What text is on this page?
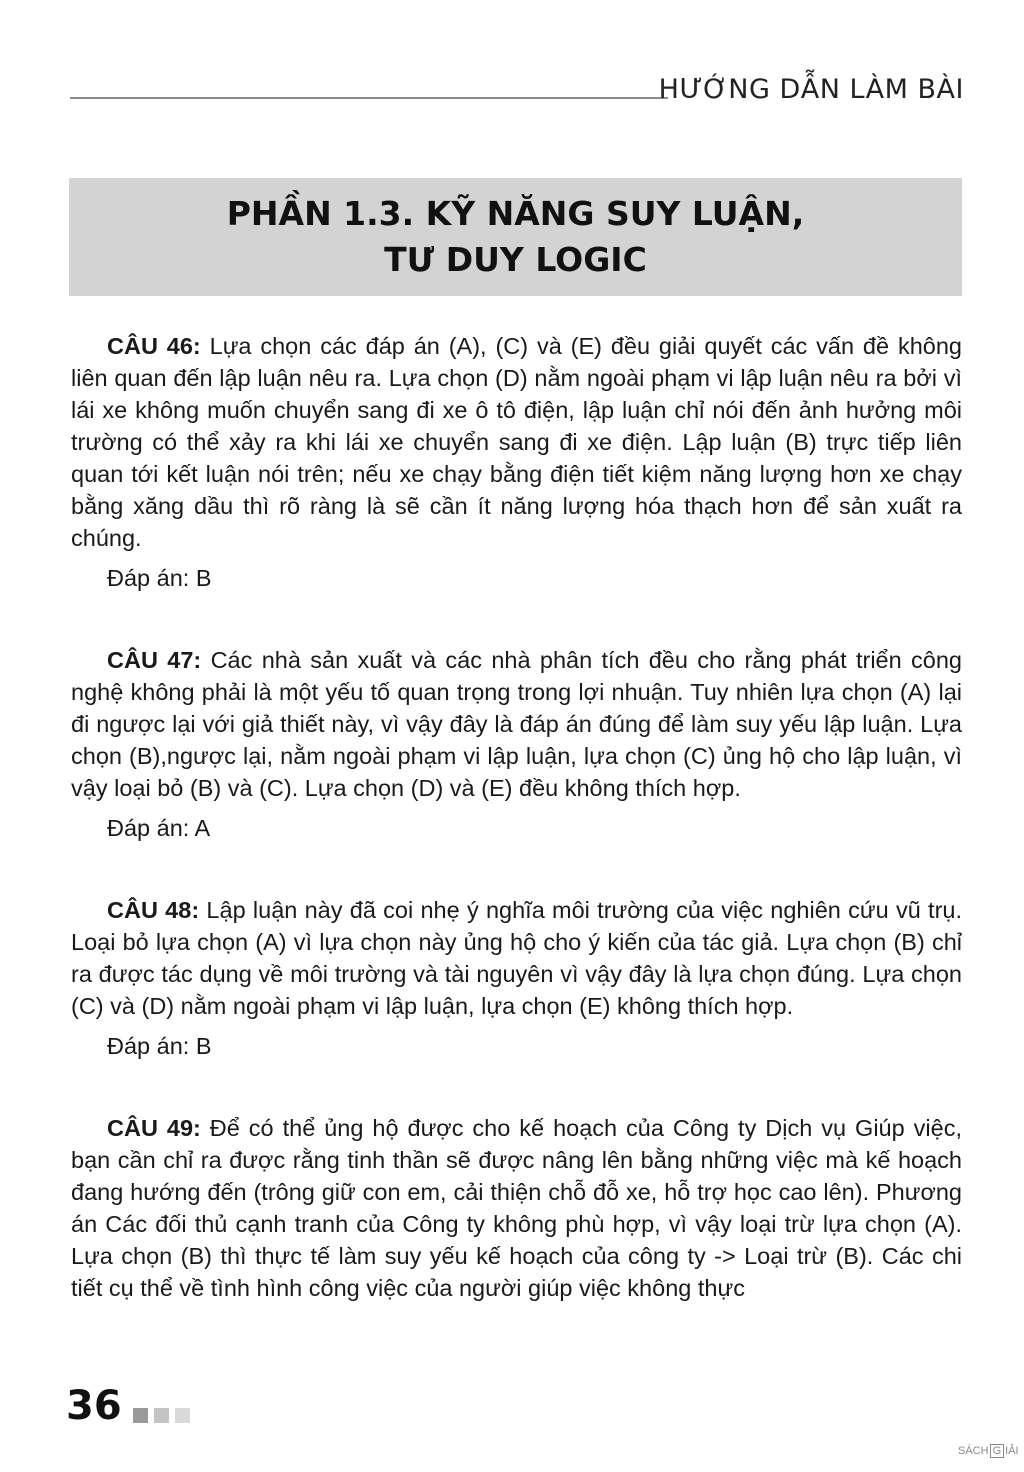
HƯỚNG DẪN LÀM BÀI
PHẦN 1.3. KỸ NĂNG SUY LUẬN,
TƯ DUY LOGIC

CÂU 46: Lựa chọn các đáp án (A), (C) và (E) đều giải quyết các vấn đề không liên quan đến lập luận nêu ra. Lựa chọn (D) nằm ngoài phạm vi lập luận nêu ra bởi vì lái xe không muốn chuyển sang đi xe ô tô điện, lập luận chỉ nói đến ảnh hưởng môi trường có thể xảy ra khi lái xe chuyển sang đi xe điện. Lập luận (B) trực tiếp liên quan tới kết luận nói trên; nếu xe chạy bằng điện tiết kiệm năng lượng hơn xe chạy bằng xăng dầu thì rõ ràng là sẽ cần ít năng lượng hóa thạch hơn để sản xuất ra chúng.

Đáp án: B

CÂU 47: Các nhà sản xuất và các nhà phân tích đều cho rằng phát triển công nghệ không phải là một yếu tố quan trọng trong lợi nhuận. Tuy nhiên lựa chọn (A) lại đi ngược lại với giả thiết này, vì vậy đây là đáp án đúng để làm suy yếu lập luận. Lựa chọn (B),ngược lại, nằm ngoài phạm vi lập luận, lựa chọn (C) ủng hộ cho lập luận, vì vậy loại bỏ (B) và (C). Lựa chọn (D) và (E) đều không thích hợp.

Đáp án: A

CÂU 48: Lập luận này đã coi nhẹ ý nghĩa môi trường của việc nghiên cứu vũ trụ. Loại bỏ lựa chọn (A) vì lựa chọn này ủng hộ cho ý kiến của tác giả. Lựa chọn (B) chỉ ra được tác dụng về môi trường và tài nguyên vì vậy đây là lựa chọn đúng. Lựa chọn (C) và (D) nằm ngoài phạm vi lập luận, lựa chọn (E) không thích hợp.

Đáp án: B

CÂU 49: Để có thể ủng hộ được cho kế hoạch của Công ty Dịch vụ Giúp việc, bạn cần chỉ ra được rằng tinh thần sẽ được nâng lên bằng những việc mà kế hoạch đang hướng đến (trông giữ con em, cải thiện chỗ đỗ xe, hỗ trợ học cao lên). Phương án Các đối thủ cạnh tranh của Công ty không phù hợp, vì vậy loại trừ lựa chọn (A). Lựa chọn (B) thì thực tế làm suy yếu kế hoạch của công ty -> Loại trừ (B). Các chi tiết cụ thể về tình hình công việc của người giúp việc không thực

36
SÁCH G IẢI
